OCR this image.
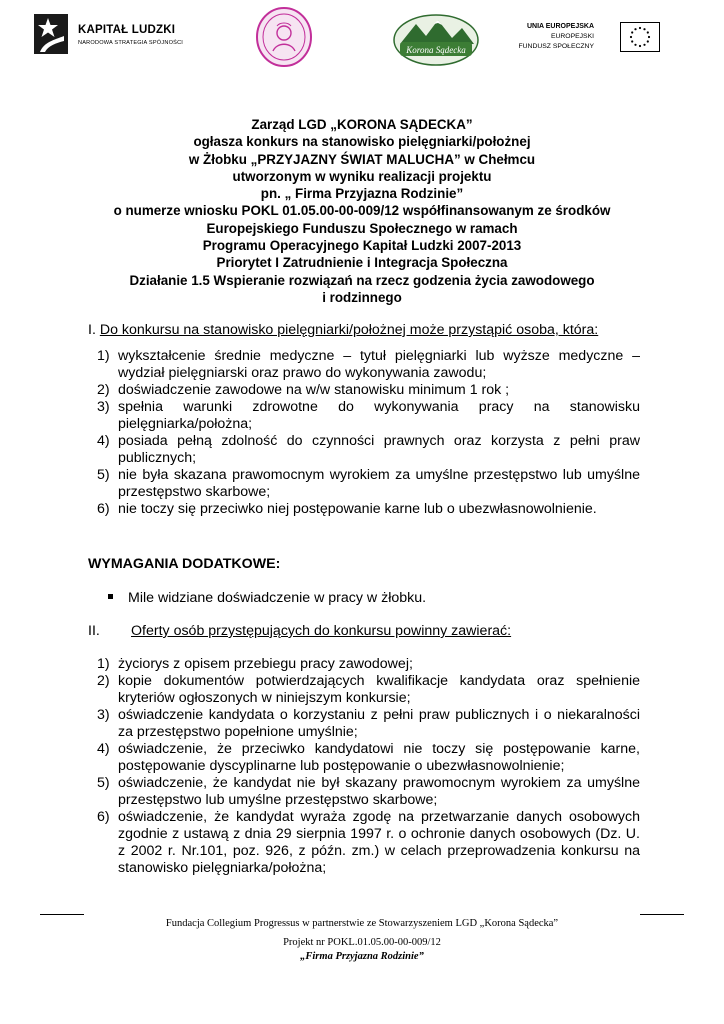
KAPITAŁ LUDZKI
NARODOWA STRATEGIA SPÓJNOŚCI
Korona Sądecka
UNIA EUROPEJSKA
EUROPEJSKI
FUNDUSZ SPOŁECZNY
Zarząd LGD „KORONA SĄDECKA”
ogłasza konkurs na stanowisko pielęgniarki/położnej
w Żłobku „PRZYJAZNY ŚWIAT MALUCHA” w Chełmcu
utworzonym w wyniku realizacji projektu
pn. „ Firma Przyjazna Rodzinie”
o numerze wniosku POKL 01.05.00-00-009/12 współfinansowanym ze środków
Europejskiego Funduszu Społecznego w ramach
Programu Operacyjnego Kapitał Ludzki 2007-2013
Priorytet I Zatrudnienie i Integracja Społeczna
Działanie 1.5 Wspieranie rozwiązań na rzecz godzenia życia zawodowego
i rodzinnego
I. Do konkursu na stanowisko pielęgniarki/położnej może przystąpić osoba, która:
1) wykształcenie średnie medyczne – tytuł pielęgniarki lub wyższe medyczne – wydział pielęgniarski oraz prawo do wykonywania zawodu;
2) doświadczenie zawodowe na w/w stanowisku minimum 1 rok ;
3) spełnia warunki zdrowotne do wykonywania pracy na stanowisku pielęgniarka/położna;
4) posiada pełną zdolność do czynności prawnych oraz korzysta z pełni praw publicznych;
5) nie była skazana prawomocnym wyrokiem za umyślne przestępstwo lub umyślne przestępstwo skarbowe;
6) nie toczy się przeciwko niej postępowanie karne lub o ubezwłasnowolnienie.
WYMAGANIA DODATKOWE:
Mile widziane doświadczenie w pracy w żłobku.
II. Oferty osób przystępujących do konkursu powinny zawierać:
1) życiorys z opisem przebiegu pracy zawodowej;
2) kopie dokumentów potwierdzających kwalifikacje kandydata oraz spełnienie kryteriów ogłoszonych w niniejszym konkursie;
3) oświadczenie kandydata o korzystaniu z pełni praw publicznych i o niekaralności za przestępstwo popełnione umyślnie;
4) oświadczenie, że przeciwko kandydatowi nie toczy się postępowanie karne, postępowanie dyscyplinarne lub postępowanie o ubezwłasnowolnienie;
5) oświadczenie, że kandydat nie był skazany prawomocnym wyrokiem za umyślne przestępstwo lub umyślne przestępstwo skarbowe;
6) oświadczenie, że kandydat wyraża zgodę na przetwarzanie danych osobowych zgodnie z ustawą z dnia 29 sierpnia 1997 r. o ochronie danych osobowych (Dz. U. z 2002 r. Nr.101, poz. 926, z późn. zm.) w celach przeprowadzenia konkursu na stanowisko pielęgniarka/położna;
Fundacja Collegium Progressus w partnerstwie ze Stowarzyszeniem LGD „Korona Sądecka”
Projekt nr POKL.01.05.00-00-009/12
„Firma Przyjazna Rodzinie”
